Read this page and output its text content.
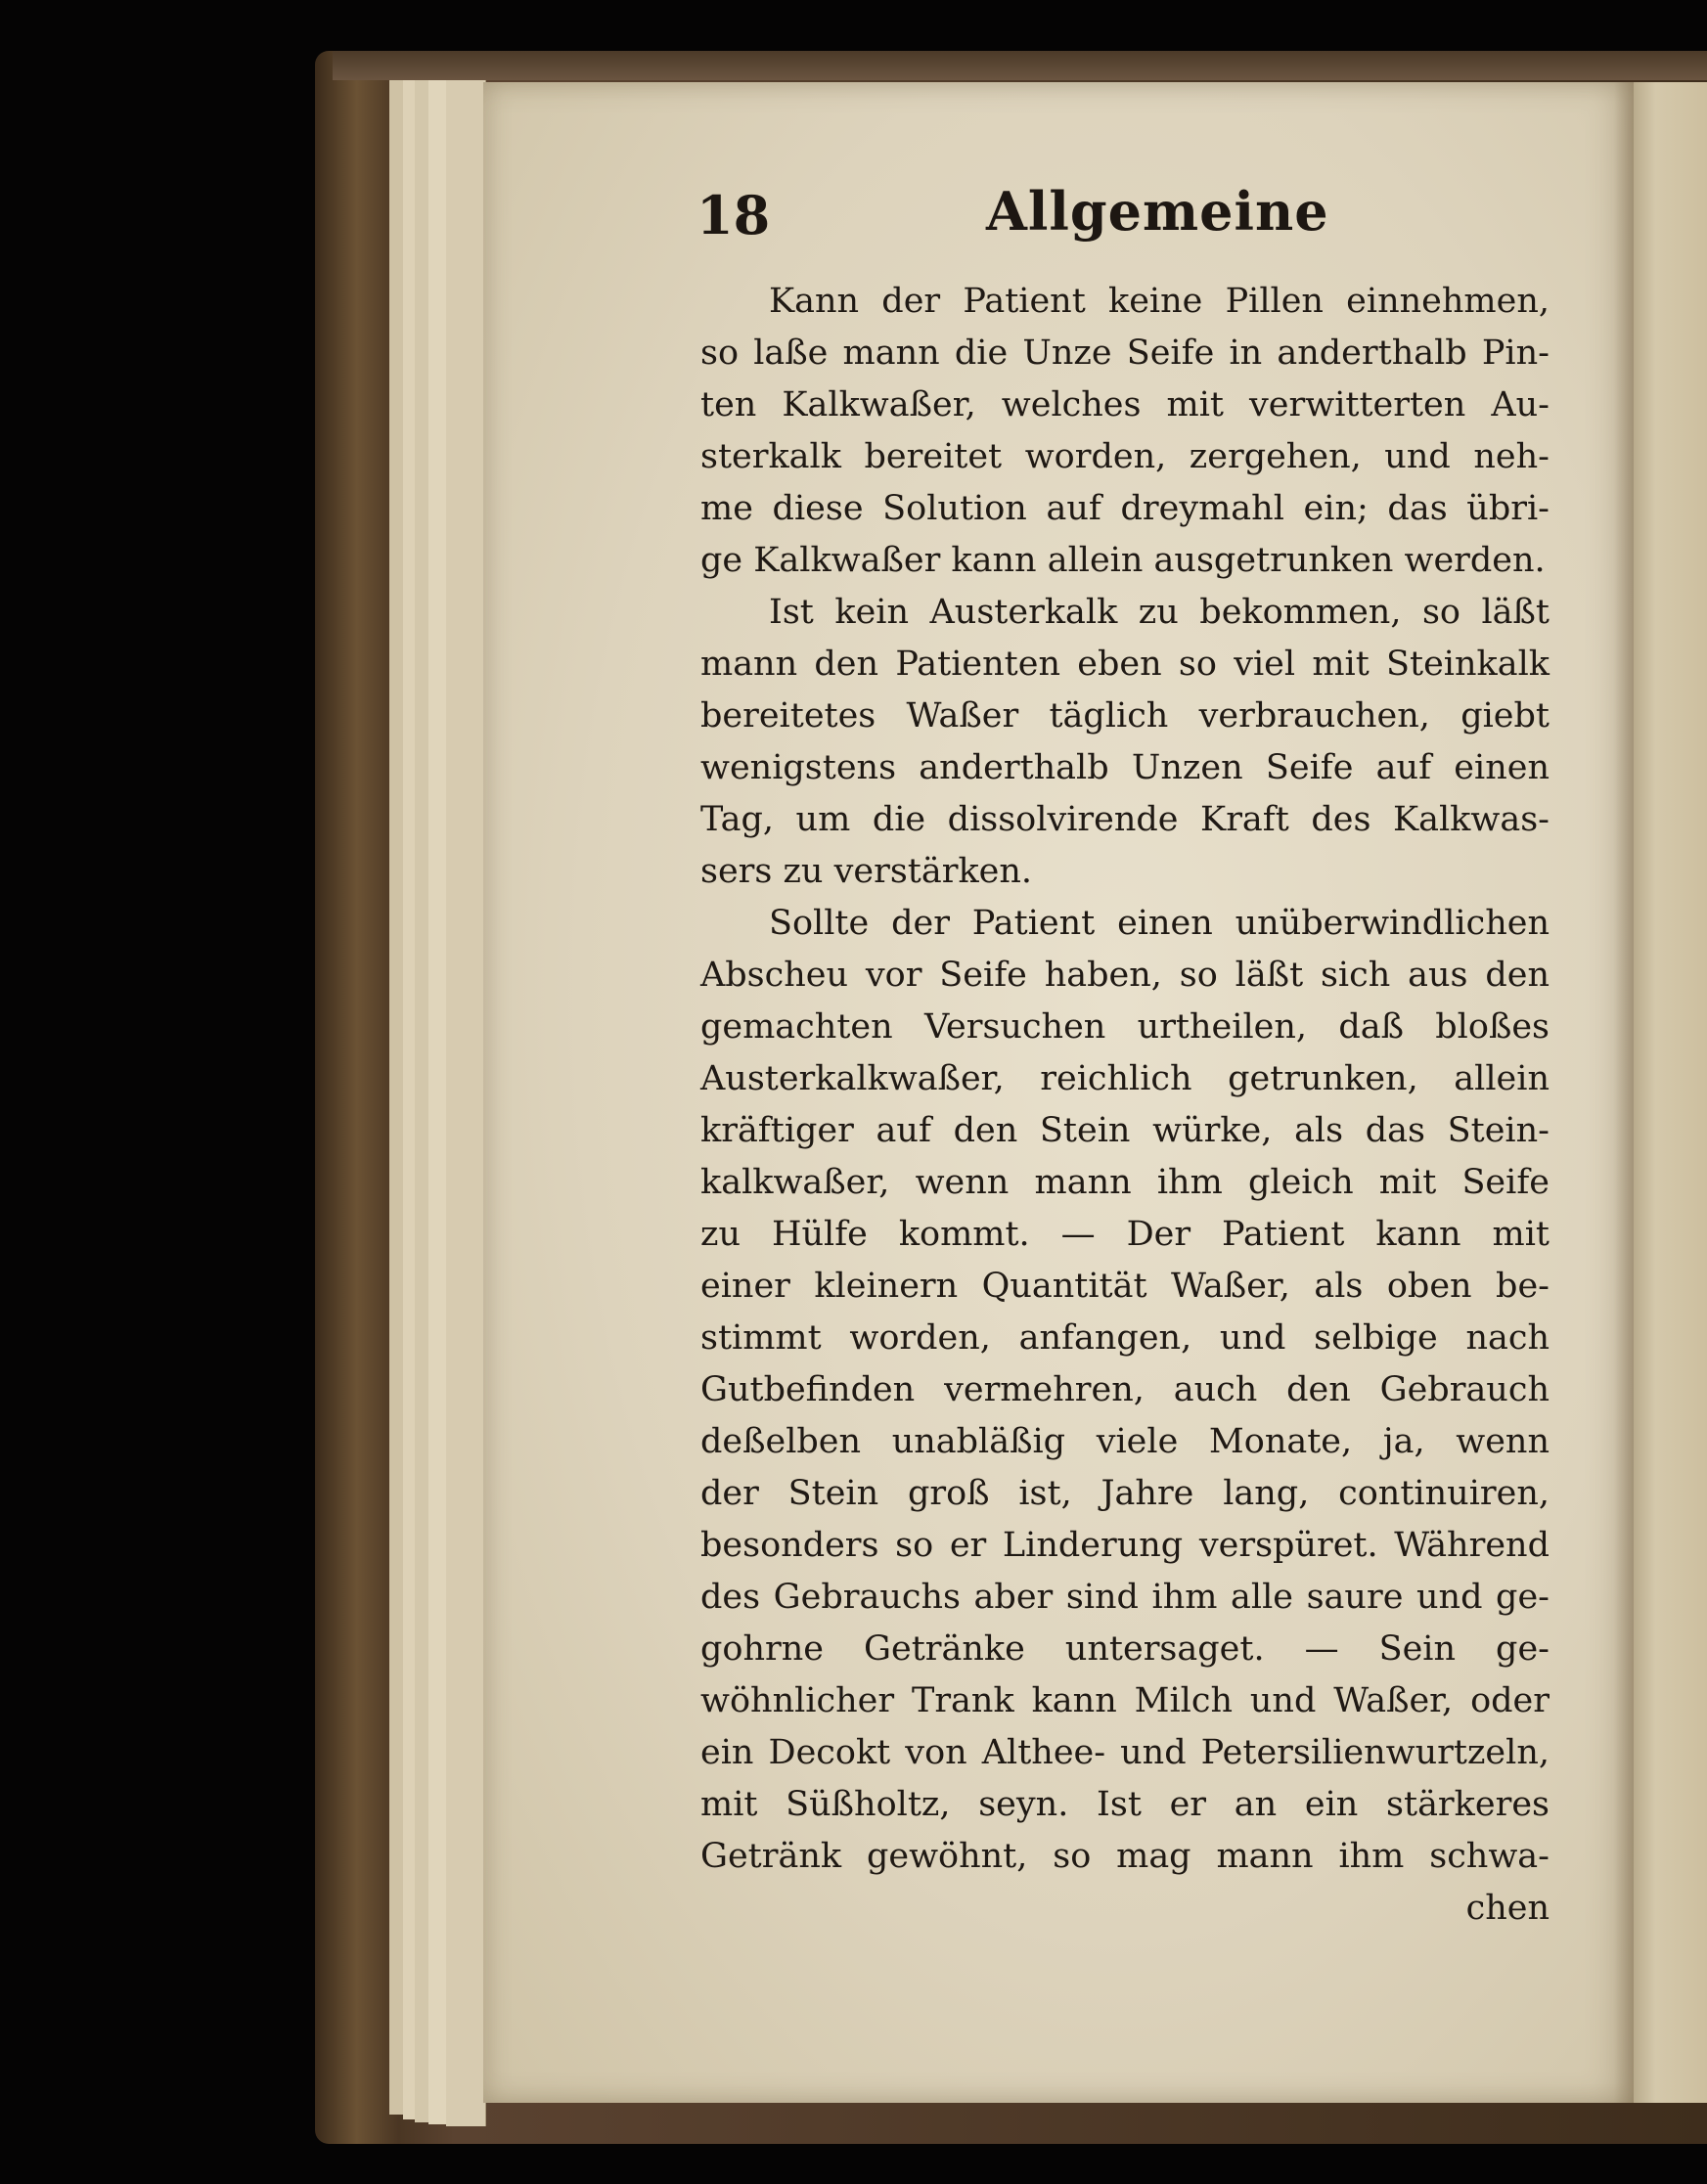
18	Allgemeine
Kann der Patient keine Pillen einnehmen,
so laße mann die Unze Seife in anderthalb Pin-
ten Kalkwaßer, welches mit verwitterten Au-
sterkalk bereitet worden, zergehen, und neh-
me diese Solution auf dreymahl ein; das übri-
ge Kalkwaßer kann allein ausgetrunken werden.
Ist kein Austerkalk zu bekommen, so läßt
mann den Patienten eben so viel mit Steinkalk
bereitetes Waßer täglich verbrauchen, giebt
wenigstens anderthalb Unzen Seife auf einen
Tag, um die dissolvirende Kraft des Kalkwas-
sers zu verstärken.
Sollte der Patient einen unüberwindlichen
Abscheu vor Seife haben, so läßt sich aus den
gemachten Versuchen urtheilen, daß bloßes
Austerkalkwaßer, reichlich getrunken, allein
kräftiger auf den Stein würke, als das Stein-
kalkwaßer, wenn mann ihm gleich mit Seife
zu Hülfe kommt. — Der Patient kann mit
einer kleinern Quantität Waßer, als oben be-
stimmt worden, anfangen, und selbige nach
Gutbefinden vermehren, auch den Gebrauch
deßelben unabläßig viele Monate, ja, wenn
der Stein groß ist, Jahre lang, continuiren,
besonders so er Linderung verspüret. Während
des Gebrauchs aber sind ihm alle saure und ge-
gohrne Getränke untersaget. — Sein ge-
wöhnlicher Trank kann Milch und Waßer, oder
ein Decokt von Althee- und Petersilienwurtzeln,
mit Süßholtz, seyn. Ist er an ein stärkeres
Getränk gewöhnt, so mag mann ihm schwa-
chen
